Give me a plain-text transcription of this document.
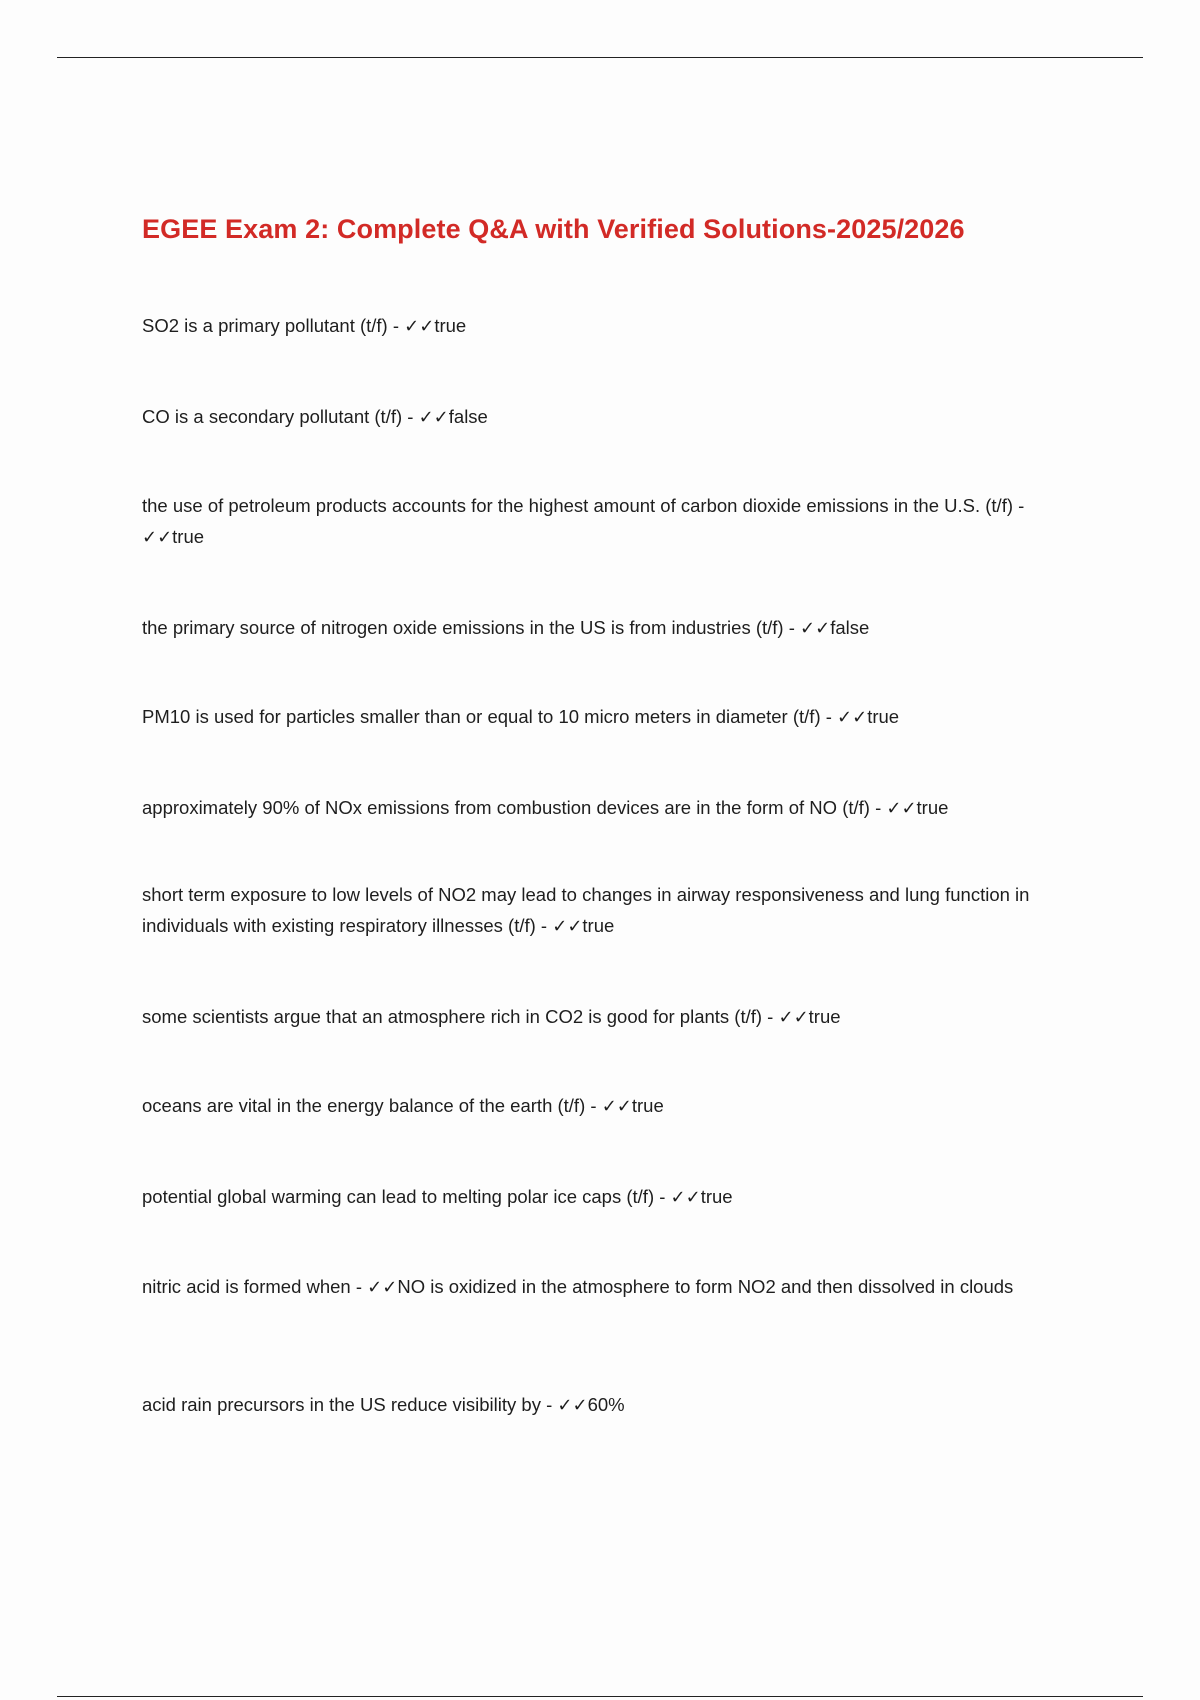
EGEE Exam 2: Complete Q&A with Verified Solutions-2025/2026
SO2 is a primary pollutant (t/f) - ✓✓true
CO is a secondary pollutant (t/f) - ✓✓false
the use of petroleum products accounts for the highest amount of carbon dioxide emissions in the U.S. (t/f) - ✓✓true
the primary source of nitrogen oxide emissions in the US is from industries (t/f) - ✓✓false
PM10 is used for particles smaller than or equal to 10 micro meters in diameter (t/f) - ✓✓true
approximately 90% of NOx emissions from combustion devices are in the form of NO (t/f) - ✓✓true
short term exposure to low levels of NO2 may lead to changes in airway responsiveness and lung function in individuals with existing respiratory illnesses (t/f) - ✓✓true
some scientists argue that an atmosphere rich in CO2 is good for plants (t/f) - ✓✓true
oceans are vital in the energy balance of the earth (t/f) - ✓✓true
potential global warming can lead to melting polar ice caps (t/f) - ✓✓true
nitric acid is formed when - ✓✓NO is oxidized in the atmosphere to form NO2 and then dissolved in clouds
acid rain precursors in the US reduce visibility by - ✓✓60%
